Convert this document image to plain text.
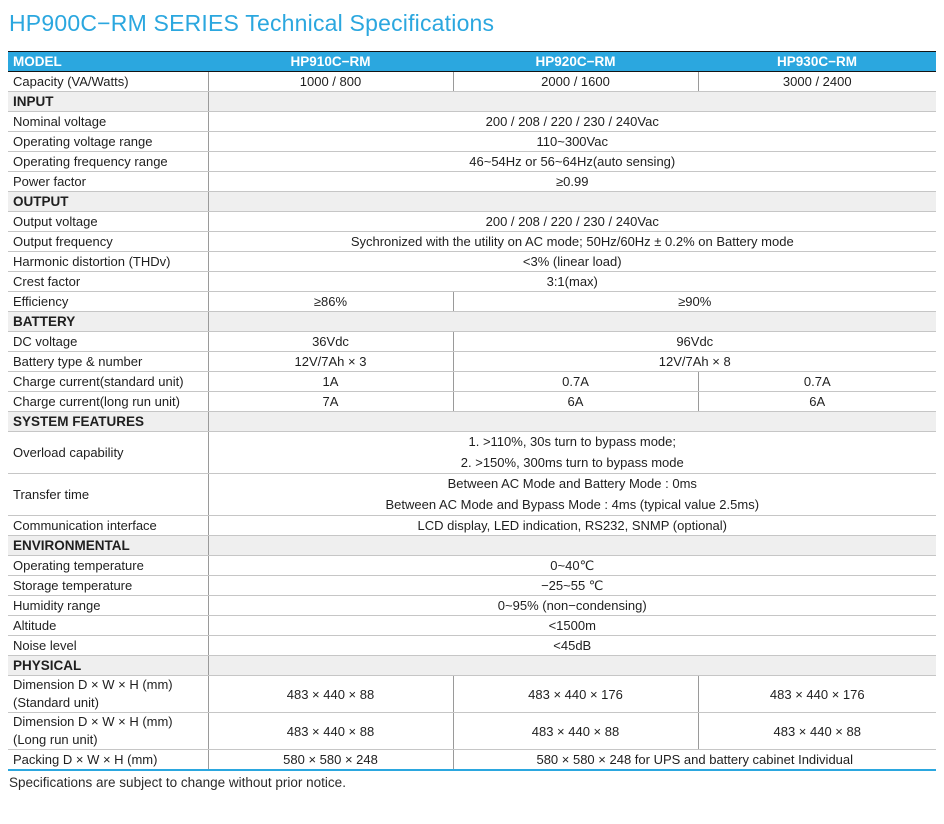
HP900C−RM SERIES Technical Specifications
MODEL	HP910C−RM	HP920C−RM	HP930C−RM
Capacity (VA/Watts)	1000 / 800	2000 / 1600	3000 / 2400
INPUT			
Nominal voltage	200 / 208 / 220 / 230 / 240Vac		
Operating voltage range	110~300Vac		
Operating frequency range	46~54Hz or 56~64Hz(auto sensing)		
Power factor	≥0.99		
OUTPUT			
Output voltage	200 / 208 / 220 / 230 / 240Vac		
Output frequency	Sychronized with the utility on AC mode; 50Hz/60Hz ± 0.2% on Battery mode		
Harmonic distortion (THDv)	<3% (linear load)		
Crest factor	3:1(max)		
Efficiency	≥86%	≥90%	
BATTERY			
DC voltage	36Vdc	96Vdc	
Battery type & number	12V/7Ah × 3	12V/7Ah × 8	
Charge current(standard unit)	1A	0.7A	0.7A
Charge current(long run unit)	7A	6A	6A
SYSTEM FEATURES			
Overload capability	1. >110%, 30s turn to bypass mode;
2. >150%, 300ms turn to bypass mode		

Transfer time	Between AC Mode and Battery Mode : 0ms
Between AC Mode and Bypass Mode : 4ms (typical value 2.5ms)		

Communication interface	LCD display, LED indication, RS232, SNMP (optional)		
ENVIRONMENTAL			
Operating temperature	0~40℃		
Storage temperature	−25~55 ℃		
Humidity range	0~95% (non−condensing)		
Altitude	<1500m		
Noise level	<45dB		
PHYSICAL			

Dimension D × W × H (mm)
(Standard unit)	483 × 440 × 88	483 × 440 × 176	483 × 440 × 176

Dimension D × W × H (mm)
(Long run unit)	483 × 440 × 88	483 × 440 × 88	483 × 440 × 88
Packing D × W × H (mm)	580 × 580 × 248	580 × 580 × 248 for UPS and battery cabinet Individual	

Specifications are subject to change without prior notice.
